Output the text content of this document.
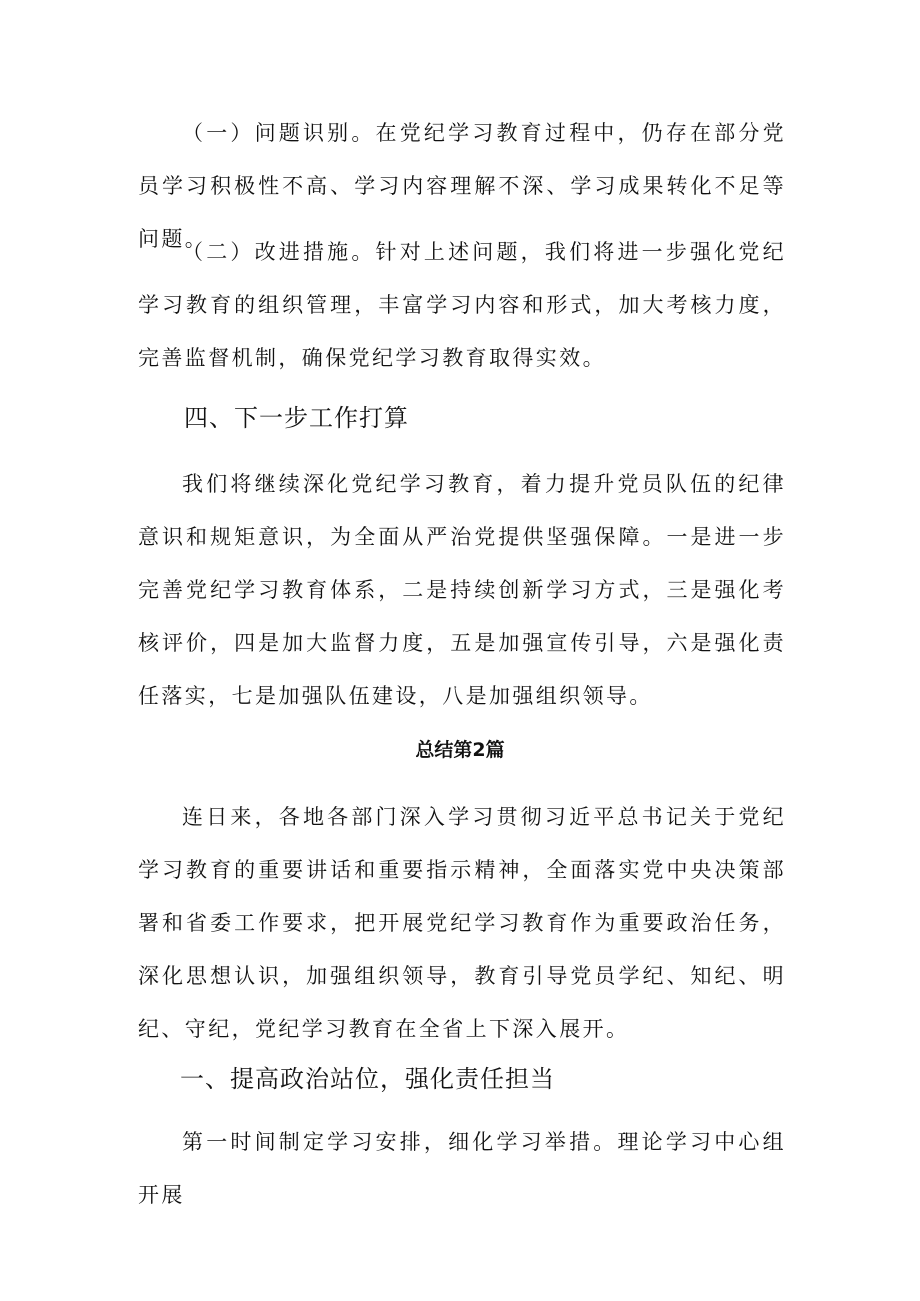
（一）问题识别。在党纪学习教育过程中，仍存在部分党员学习积极性不高、学习内容理解不深、学习成果转化不足等问题。

（二）改进措施。针对上述问题，我们将进一步强化党纪学习教育的组织管理，丰富学习内容和形式，加大考核力度，完善监督机制，确保党纪学习教育取得实效。

四、下一步工作打算

我们将继续深化党纪学习教育，着力提升党员队伍的纪律意识和规矩意识，为全面从严治党提供坚强保障。一是进一步完善党纪学习教育体系，二是持续创新学习方式，三是强化考核评价，四是加大监督力度，五是加强宣传引导，六是强化责任落实，七是加强队伍建设，八是加强组织领导。

总结第2篇

连日来，各地各部门深入学习贯彻习近平总书记关于党纪学习教育的重要讲话和重要指示精神，全面落实党中央决策部署和省委工作要求，把开展党纪学习教育作为重要政治任务，深化思想认识，加强组织领导，教育引导党员学纪、知纪、明纪、守纪，党纪学习教育在全省上下深入展开。

一、提高政治站位，强化责任担当

第一时间制定学习安排，细化学习举措。理论学习中心组开展
